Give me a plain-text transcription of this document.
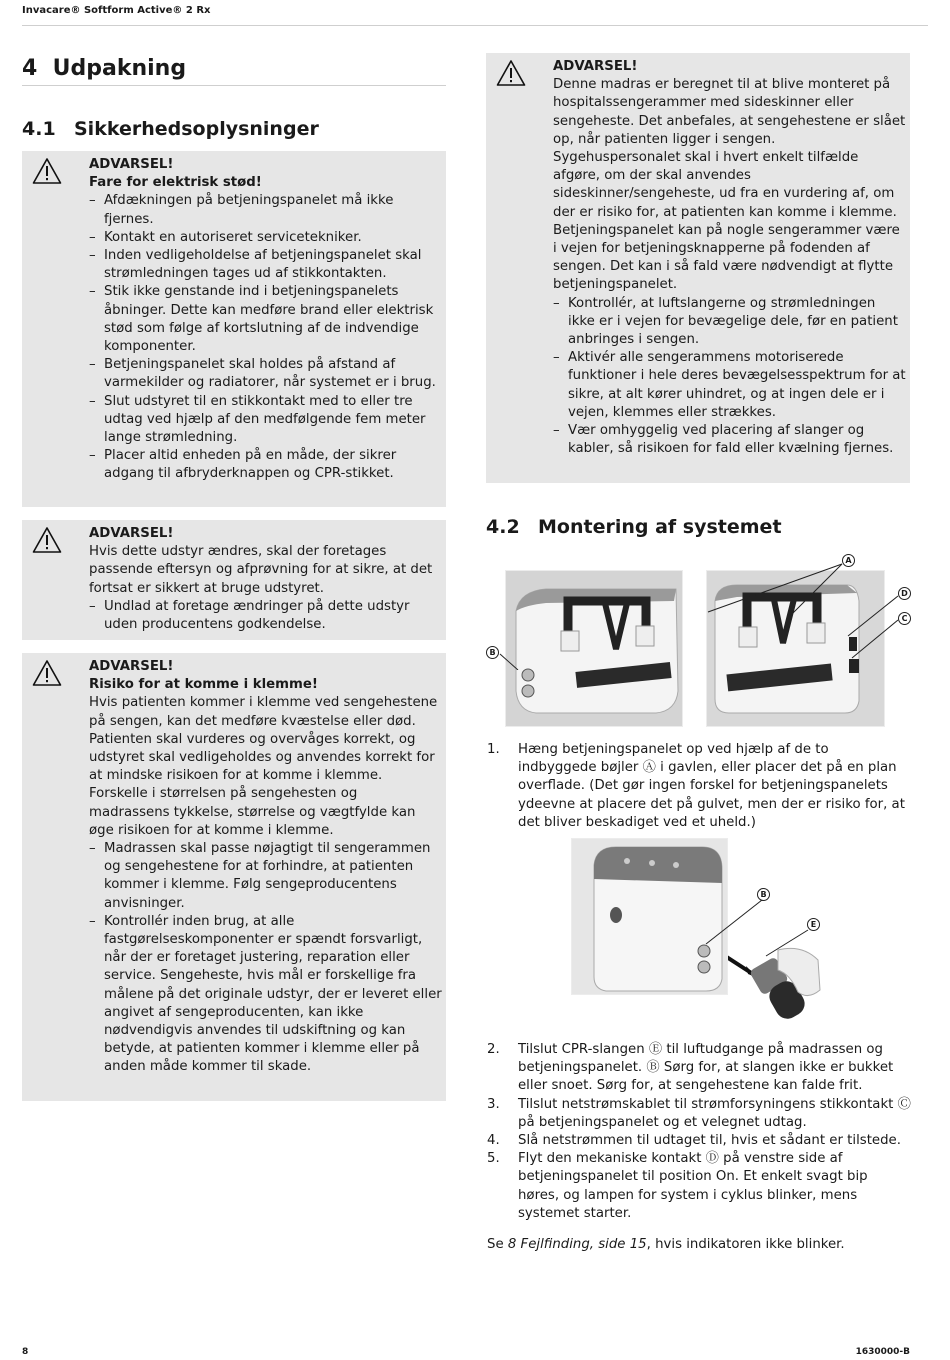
Invacare® Softform Active® 2 Rx
4 Udpakning
4.1 Sikkerhedsoplysninger
ADVARSEL!
Fare for elektrisk stød!
– Afdækningen på betjeningspanelet må ikke fjernes.
– Kontakt en autoriseret servicetekniker.
– Inden vedligeholdelse af betjeningspanelet skal strømledningen tages ud af stikkontakten.
– Stik ikke genstande ind i betjeningspanelets åbninger. Dette kan medføre brand eller elektrisk stød som følge af kortslutning af de indvendige komponenter.
– Betjeningspanelet skal holdes på afstand af varmekilder og radiatorer, når systemet er i brug.
– Slut udstyret til en stikkontakt med to eller tre udtag ved hjælp af den medfølgende fem meter lange strømledning.
– Placer altid enheden på en måde, der sikrer adgang til afbryderknappen og CPR-stikket.
ADVARSEL!
Hvis dette udstyr ændres, skal der foretages passende eftersyn og afprøvning for at sikre, at det fortsat er sikkert at bruge udstyret.
– Undlad at foretage ændringer på dette udstyr uden producentens godkendelse.
ADVARSEL!
Risiko for at komme i klemme!
Hvis patienten kommer i klemme ved sengehestene på sengen, kan det medføre kvæstelse eller død. Patienten skal vurderes og overvåges korrekt, og udstyret skal vedligeholdes og anvendes korrekt for at mindske risikoen for at komme i klemme. Forskelle i størrelsen på sengehesten og madrassens tykkelse, størrelse og vægtfylde kan øge risikoen for at komme i klemme.
– Madrassen skal passe nøjagtigt til sengerammen og sengehestene for at forhindre, at patienten kommer i klemme. Følg sengeproducentens anvisninger.
– Kontrollér inden brug, at alle fastgørelseskomponenter er spændt forsvarligt, når der er foretaget justering, reparation eller service. Sengeheste, hvis mål er forskellige fra målene på det originale udstyr, der er leveret eller angivet af sengeproducenten, kan ikke nødvendigvis anvendes til udskiftning og kan betyde, at patienten kommer i klemme eller på anden måde kommer til skade.
ADVARSEL!
Denne madras er beregnet til at blive monteret på hospitalssengerammer med sideskinner eller sengeheste. Det anbefales, at sengehestene er slået op, når patienten ligger i sengen. Sygehuspersonalet skal i hvert enkelt tilfælde afgøre, om der skal anvendes sideskinner/sengeheste, ud fra en vurdering af, om der er risiko for, at patienten kan komme i klemme.
Betjeningspanelet kan på nogle sengerammer være i vejen for betjeningsknapperne på fodenden af sengen. Det kan i så fald være nødvendigt at flytte betjeningspanelet.
– Kontrollér, at luftslangerne og strømledningen ikke er i vejen for bevægelige dele, før en patient anbringes i sengen.
– Aktivér alle sengerammens motoriserede funktioner i hele deres bevægelsesspektrum for at sikre, at alt kører uhindret, og at ingen dele er i vejen, klemmes eller strækkes.
– Vær omhyggelig ved placering af slanger og kabler, så risikoen for fald eller kvælning fjernes.
4.2 Montering af systemet
A
D
C
B
1. Hæng betjeningspanelet op ved hjælp af de to indbyggede bøjler Ⓐ i gavlen, eller placer det på en plan overflade. (Det gør ingen forskel for betjeningspanelets ydeevne at placere det på gulvet, men der er risiko for, at det bliver beskadiget ved et uheld.)
B
E
2. Tilslut CPR-slangen Ⓔ til luftudgange på madrassen og betjeningspanelet. Ⓑ Sørg for, at slangen ikke er bukket eller snoet. Sørg for, at sengehestene kan falde frit.
3. Tilslut netstrømskablet til strømforsyningens stikkontakt Ⓒ på betjeningspanelet og et velegnet udtag.
4. Slå netstrømmen til udtaget til, hvis et sådant er tilstede.
5. Flyt den mekaniske kontakt Ⓓ på venstre side af betjeningspanelet til position On. Et enkelt svagt bip høres, og lampen for system i cyklus blinker, mens systemet starter.
Se 8 Fejlfinding, side 15, hvis indikatoren ikke blinker.
8	1630000-B
